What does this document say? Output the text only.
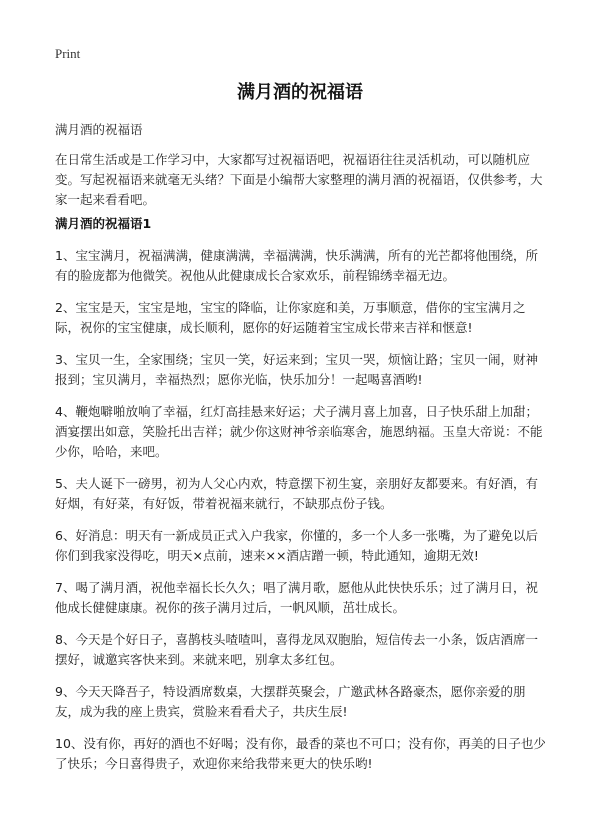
Print
满月酒的祝福语
满月酒的祝福语

在日常生活或是工作学习中，大家都写过祝福语吧，祝福语往往灵活机动，可以随机应变。写起祝福语来就毫无头绪？下面是小编帮大家整理的满月酒的祝福语，仅供参考，大家一起来看看吧。

满月酒的祝福语1
1、宝宝满月，祝福满满，健康满满，幸福满满，快乐满满，所有的光芒都将他围绕，所有的脸庞都为他微笑。祝他从此健康成长合家欢乐，前程锦绣幸福无边。
2、宝宝是天，宝宝是地，宝宝的降临，让你家庭和美，万事顺意，借你的宝宝满月之际，祝你的宝宝健康，成长顺利，愿你的好运随着宝宝成长带来吉祥和惬意!
3、宝贝一生，全家围绕；宝贝一笑，好运来到；宝贝一哭，烦恼让路；宝贝一闹，财神报到；宝贝满月，幸福热烈；愿你光临，快乐加分！一起喝喜酒哟!
4、鞭炮噼啪放响了幸福，红灯高挂悬来好运；犬子满月喜上加喜，日子快乐甜上加甜；酒宴摆出如意，笑脸托出吉祥；就少你这财神爷亲临寒舍，施恩纳福。玉皇大帝说：不能少你，哈哈，来吧。
5、夫人诞下一磅男，初为人父心内欢，特意摆下初生宴，亲朋好友都要来。有好酒，有好烟，有好菜，有好饭，带着祝福来就行，不缺那点份子钱。
6、好消息：明天有一新成员正式入户我家，你懂的，多一个人多一张嘴，为了避免以后你们到我家没得吃，明天×点前，速来××酒店蹭一顿，特此通知，逾期无效!
7、喝了满月酒，祝他幸福长长久久；唱了满月歌，愿他从此快快乐乐；过了满月日，祝他成长健健康康。祝你的孩子满月过后，一帆风顺，茁壮成长。
8、今天是个好日子，喜鹊枝头喳喳叫，喜得龙凤双胞胎，短信传去一小条，饭店酒席一摆好，诚邀宾客快来到。来就来吧，别拿太多红包。
9、今天天降吾子，特设酒席数桌，大摆群英聚会，广邀武林各路豪杰，愿你亲爱的朋友，成为我的座上贵宾，赏脸来看看犬子，共庆生辰!
10、没有你，再好的酒也不好喝；没有你，最香的菜也不可口；没有你，再美的日子也少了快乐；今日喜得贵子，欢迎你来给我带来更大的快乐哟!
